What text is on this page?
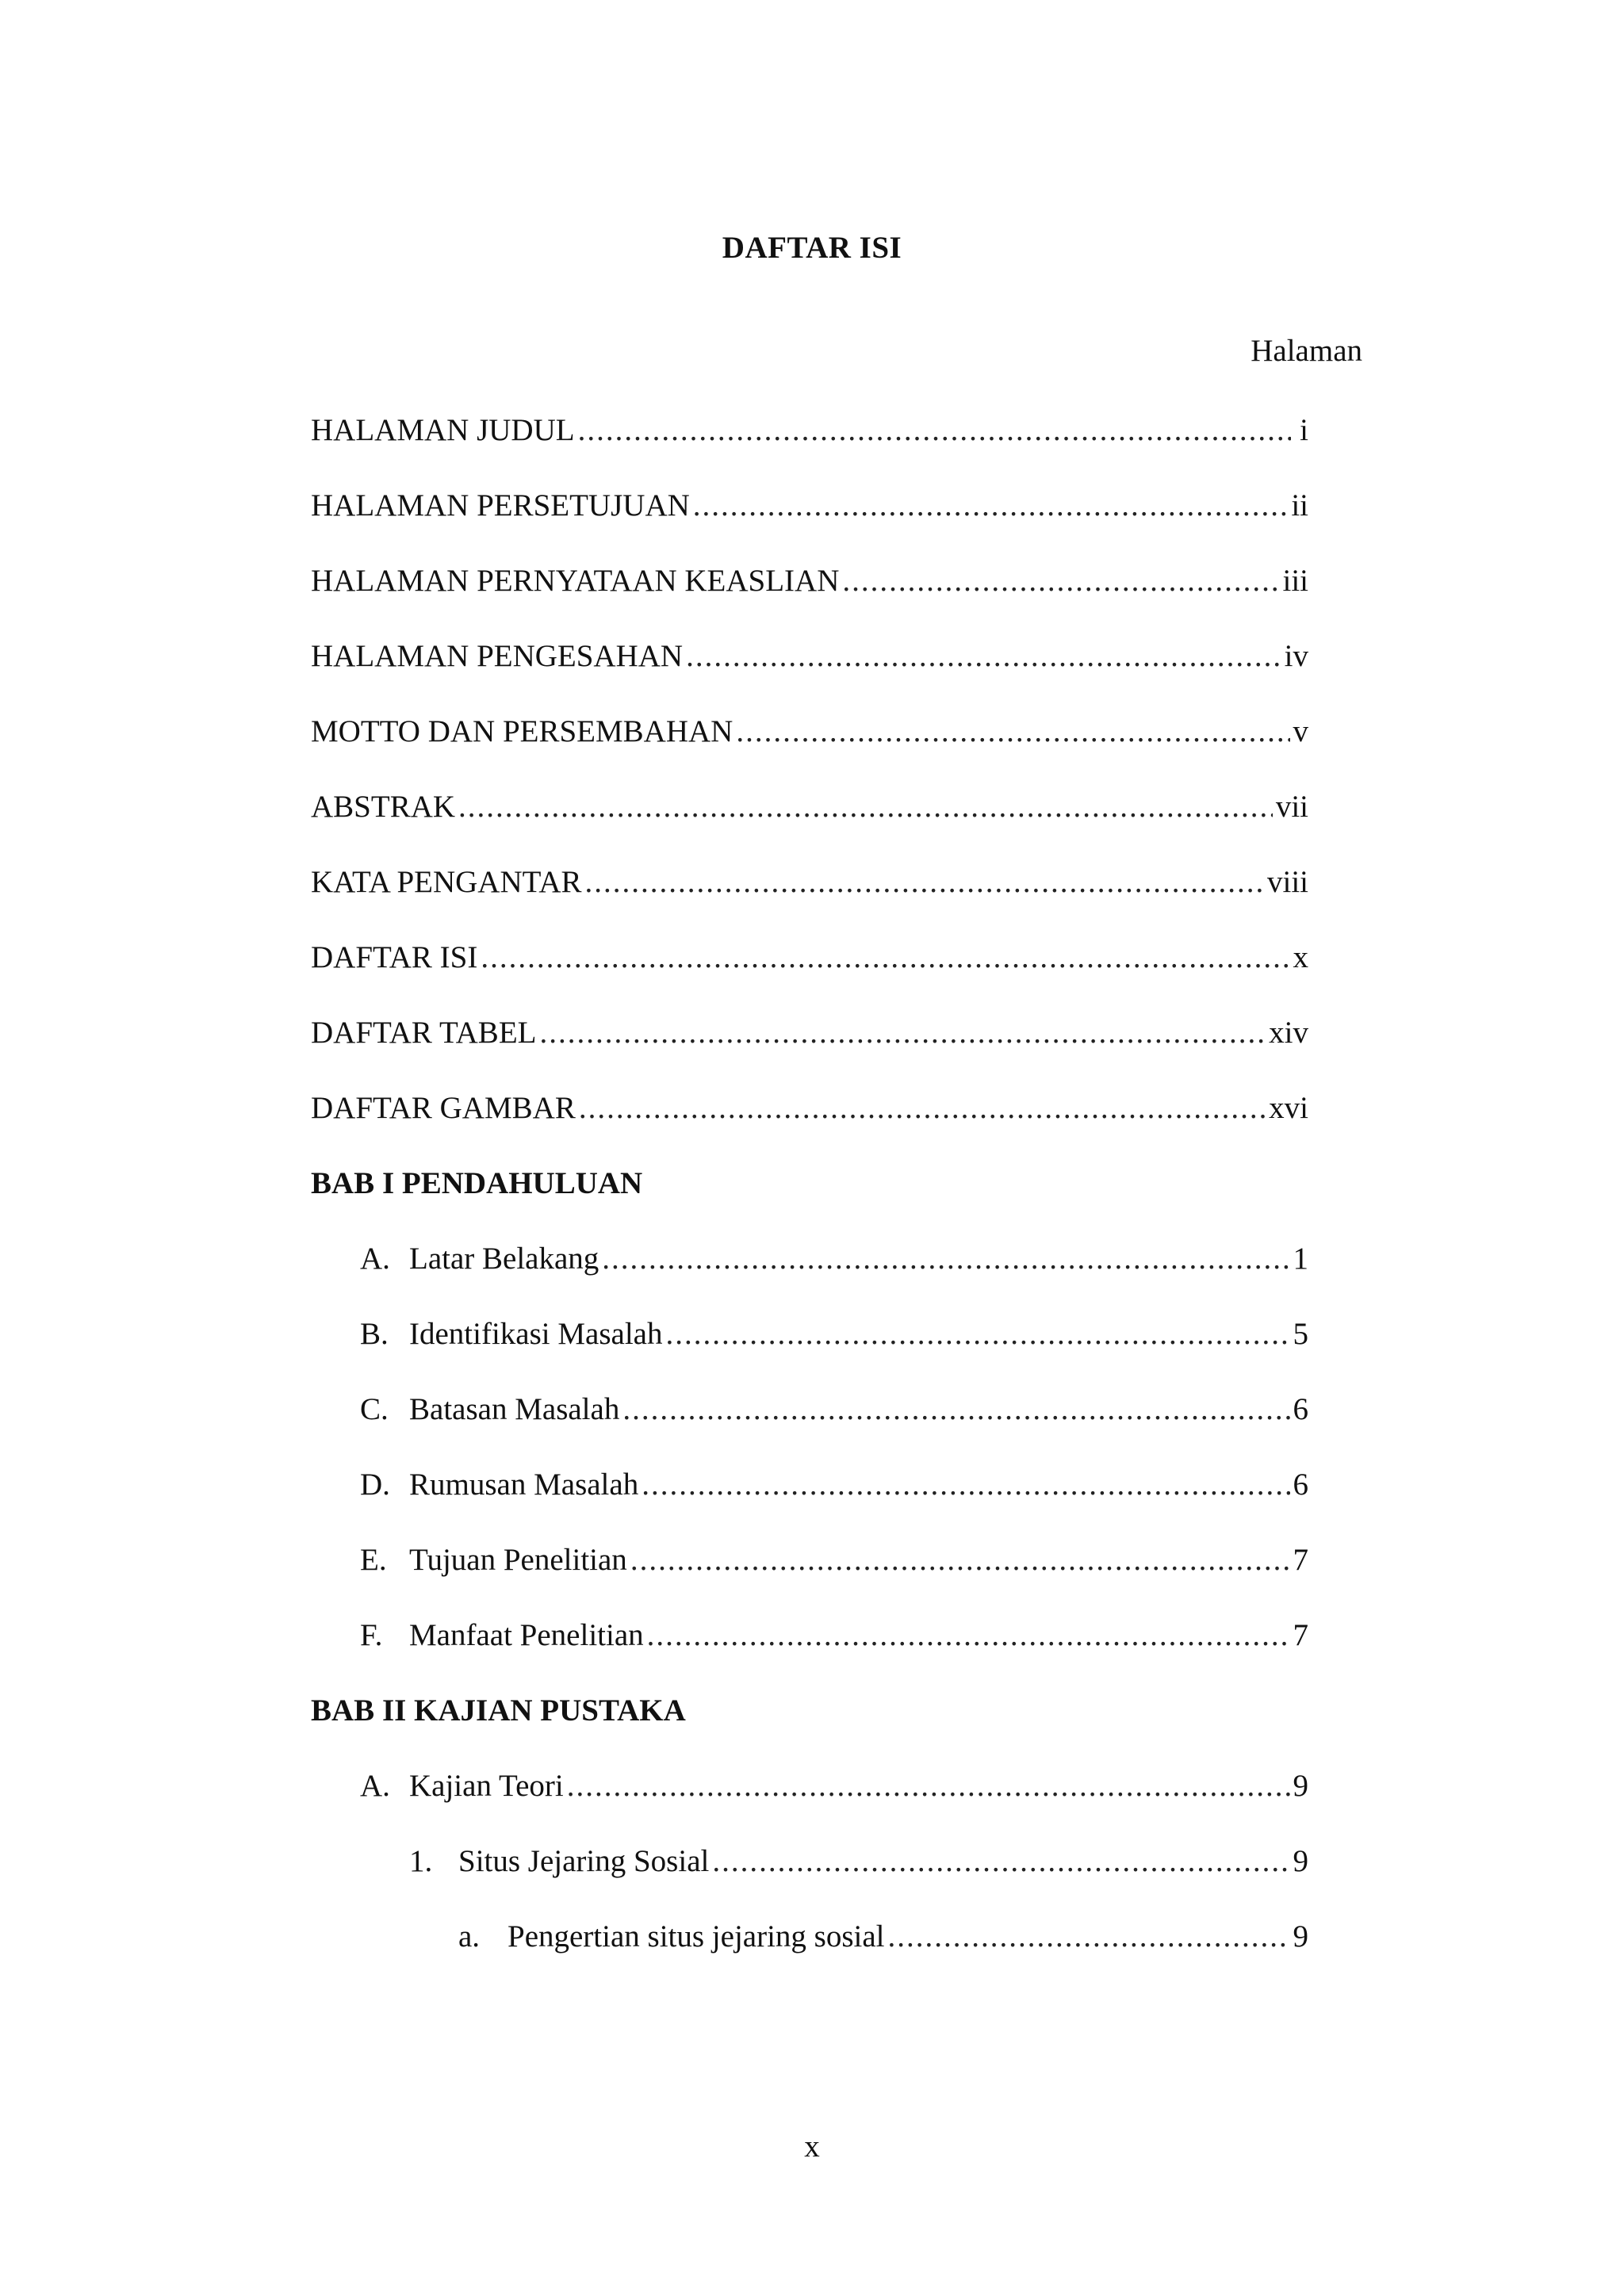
DAFTAR ISI
Halaman
HALAMAN JUDUL .....	i
HALAMAN PERSETUJUAN .....	ii
HALAMAN PERNYATAAN KEASLIAN .....	iii
HALAMAN PENGESAHAN .....	iv
MOTTO DAN PERSEMBAHAN .....	v
ABSTRAK .....	vii
KATA PENGANTAR .....	viii
DAFTAR ISI .....	x
DAFTAR TABEL .....	xiv
DAFTAR GAMBAR .....	xvi
BAB I PENDAHULUAN
A. Latar Belakang .....	1
B. Identifikasi Masalah .....	5
C. Batasan Masalah .....	6
D. Rumusan Masalah .....	6
E. Tujuan Penelitian .....	7
F. Manfaat Penelitian .....	7
BAB II KAJIAN PUSTAKA
A. Kajian Teori .....	9
1. Situs Jejaring Sosial .....	9
a. Pengertian situs jejaring sosial .....	9
x
